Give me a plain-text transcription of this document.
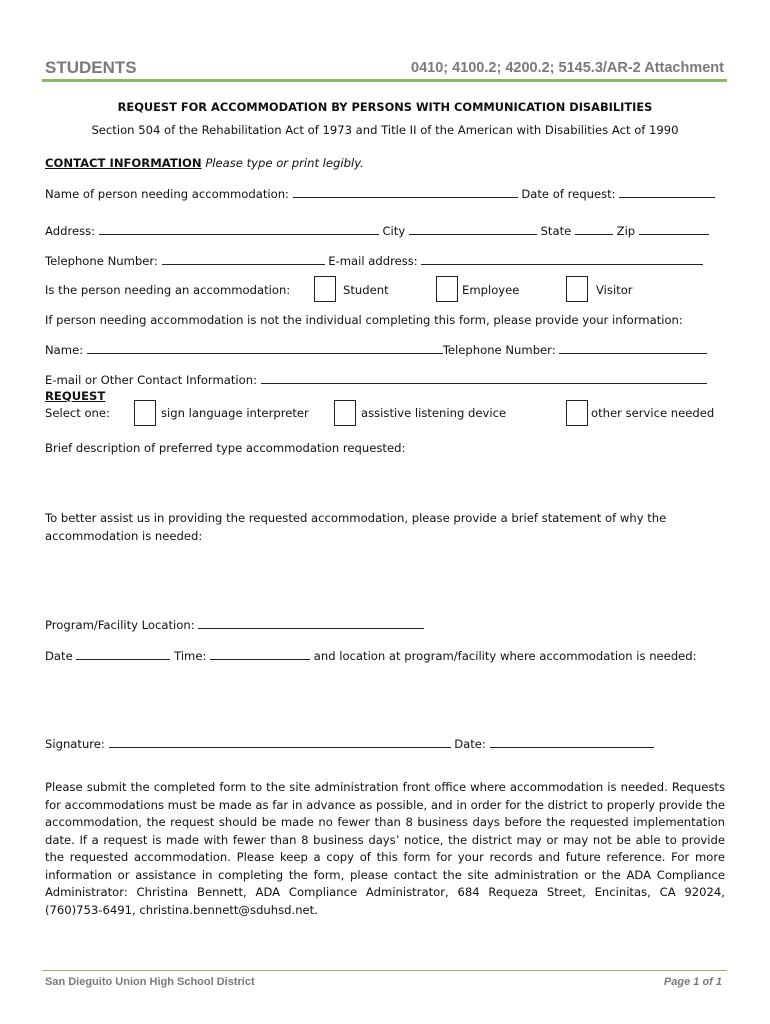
STUDENTS	0410; 4100.2; 4200.2; 5145.3/AR-2 Attachment
REQUEST FOR ACCOMMODATION BY PERSONS WITH COMMUNICATION DISABILITIES
Section 504 of the Rehabilitation Act of 1973 and Title II of the American with Disabilities Act of 1990
CONTACT INFORMATION Please type or print legibly.
Name of person needing accommodation:	Date of request:
Address:	City	State	Zip
Telephone Number:	E-mail address:
Is the person needing an accommodation:	Student	Employee	Visitor
If person needing accommodation is not the individual completing this form, please provide your information:
Name:	Telephone Number:
E-mail or Other Contact Information:
REQUEST
Select one:	sign language interpreter	assistive listening device	other service needed
Brief description of preferred type accommodation requested:
To better assist us in providing the requested accommodation, please provide a brief statement of why the
accommodation is needed:
Program/Facility Location:
Date	Time:	and location at program/facility where accommodation is needed:
Signature:	Date:
Please submit the completed form to the site administration front office where accommodation is needed. Requests for accommodations must be made as far in advance as possible, and in order for the district to properly provide the accommodation, the request should be made no fewer than 8 business days before the requested implementation date. If a request is made with fewer than 8 business days’ notice, the district may or may not be able to provide the requested accommodation. Please keep a copy of this form for your records and future reference. For more information or assistance in completing the form, please contact the site administration or the ADA Compliance Administrator: Christina Bennett, ADA Compliance Administrator, 684 Requeza Street, Encinitas, CA 92024, (760)753-6491, christina.bennett@sduhsd.net.
San Dieguito Union High School District	Page 1 of 1
